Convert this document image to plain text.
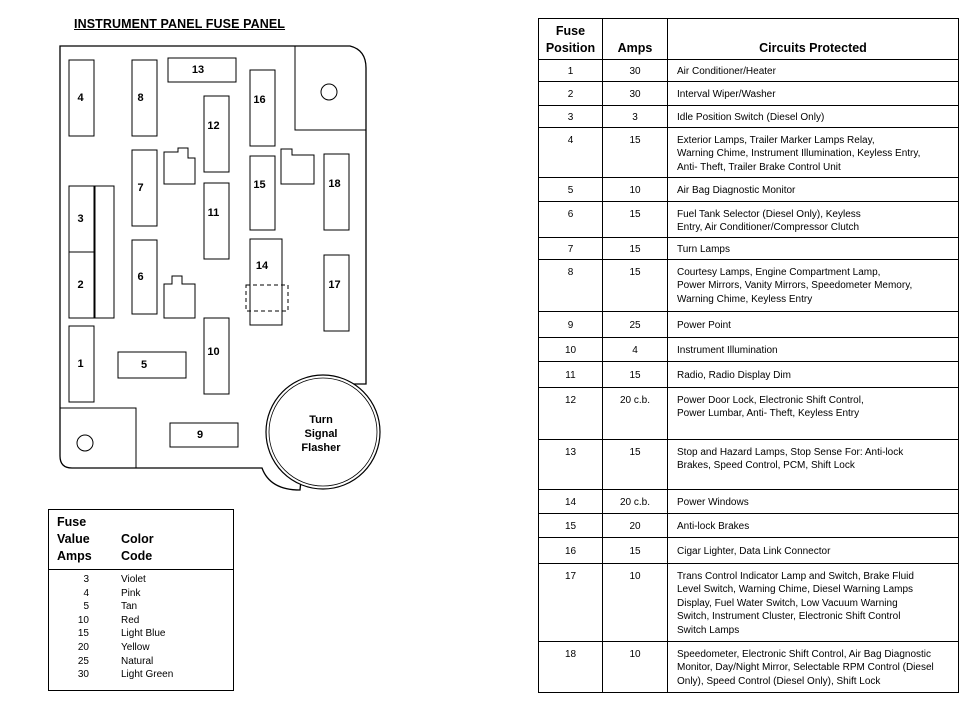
INSTRUMENT PANEL FUSE PANEL
1
2
3
4
5
6
7
8
9
10
11
12
13
14
15
16
17
18
Turn
Signal
Flasher
Fuse
Value
Amps
Color
Code
3	Violet
4	Pink
5	Tan
10	Red
15	Light Blue
20	Yellow
25	Natural
30	Light Green
Fuse
Position	Amps	Circuits Protected
1	30	Air Conditioner/Heater
2	30	Interval Wiper/Washer
3	3	Idle Position Switch (Diesel Only)
4	15	Exterior Lamps, Trailer Marker Lamps Relay,
Warning Chime, Instrument Illumination, Keyless Entry,
Anti- Theft, Trailer Brake Control Unit
5	10	Air Bag Diagnostic Monitor
6	15	Fuel Tank Selector (Diesel Only), Keyless
Entry, Air Conditioner/Compressor Clutch
7	15	Turn Lamps
8	15	Courtesy Lamps, Engine Compartment Lamp,
Power Mirrors, Vanity Mirrors, Speedometer Memory,
Warning Chime, Keyless Entry
9	25	Power Point
10	4	Instrument Illumination
11	15	Radio, Radio Display Dim
12	20 c.b.	Power Door Lock, Electronic Shift Control,
Power Lumbar, Anti- Theft, Keyless Entry
13	15	Stop and Hazard Lamps, Stop Sense For: Anti-lock
Brakes, Speed Control, PCM, Shift Lock
14	20 c.b.	Power Windows
15	20	Anti-lock Brakes
16	15	Cigar Lighter, Data Link Connector
17	10	Trans Control Indicator Lamp and Switch, Brake Fluid
Level Switch, Warning Chime, Diesel Warning Lamps
Display, Fuel Water Switch, Low Vacuum Warning
Switch, Instrument Cluster, Electronic Shift Control
Switch Lamps
18	10	Speedometer, Electronic Shift Control, Air Bag Diagnostic
Monitor, Day/Night Mirror, Selectable RPM Control (Diesel
Only), Speed Control (Diesel Only), Shift Lock
